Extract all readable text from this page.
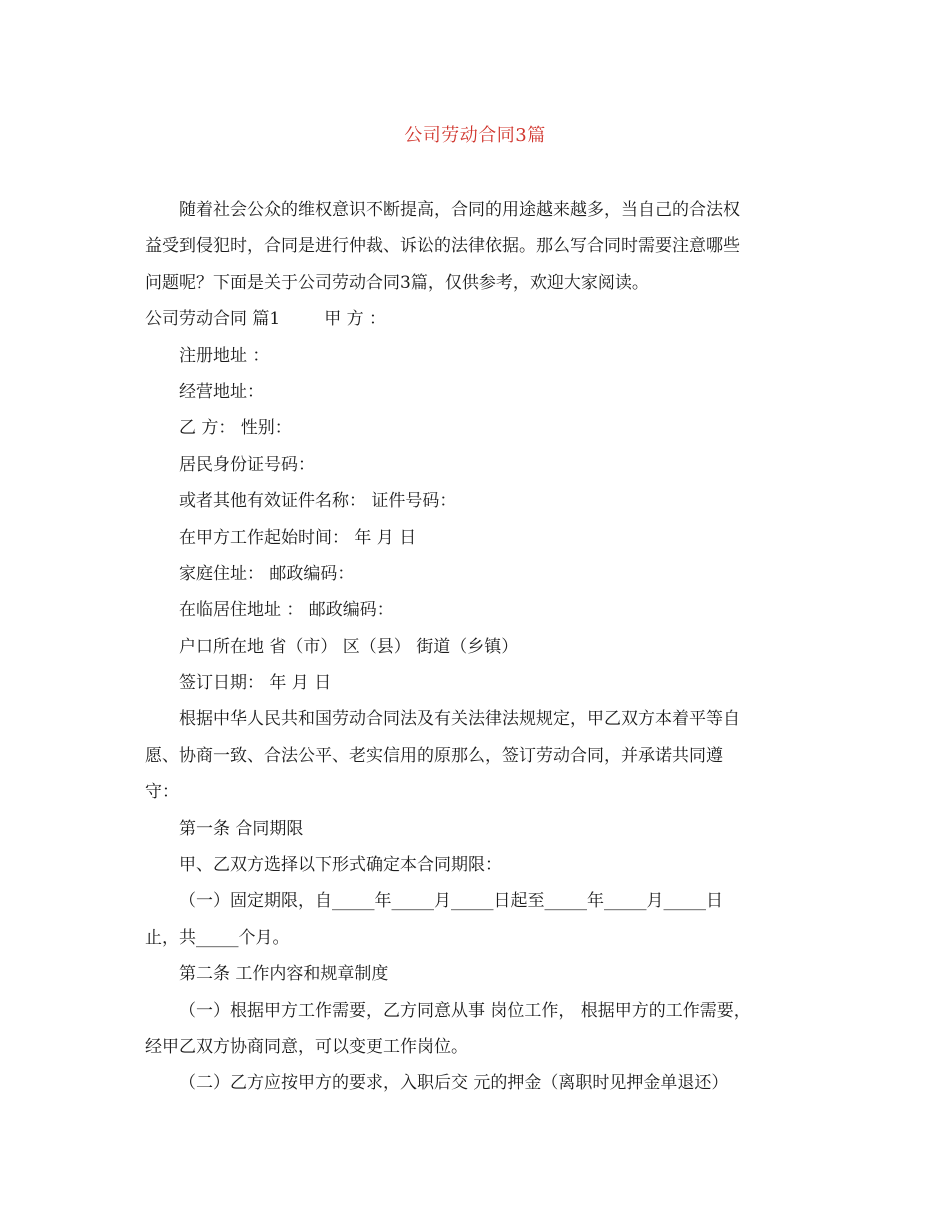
公司劳动合同3篇
随着社会公众的维权意识不断提高，合同的用途越来越多，当自己的合法权
益受到侵犯时，合同是进行仲裁、诉讼的法律依据。那么写合同时需要注意哪些
问题呢？下面是关于公司劳动合同3篇，仅供参考，欢迎大家阅读。
公司劳动合同 篇1	甲 方 ：
注册地址 ：
经营地址：
乙 方： 性别：
居民身份证号码：
或者其他有效证件名称： 证件号码：
在甲方工作起始时间： 年 月 日
家庭住址： 邮政编码：
在临居住地址 ： 邮政编码：
户口所在地 省（市） 区（县） 街道（乡镇）
签订日期： 年 月 日
根据中华人民共和国劳动合同法及有关法律法规规定，甲乙双方本着平等自
愿、协商一致、合法公平、老实信用的原那么，签订劳动合同，并承诺共同遵
守：
第一条 合同期限
甲、乙双方选择以下形式确定本合同期限：
（一）固定期限，自_____年_____月_____日起至_____年_____月_____日
止，共_____个月。
第二条 工作内容和规章制度
（一）根据甲方工作需要，乙方同意从事 岗位工作， 根据甲方的工作需要，
经甲乙双方协商同意，可以变更工作岗位。
（二）乙方应按甲方的要求，入职后交 元的押金（离职时见押金单退还）
